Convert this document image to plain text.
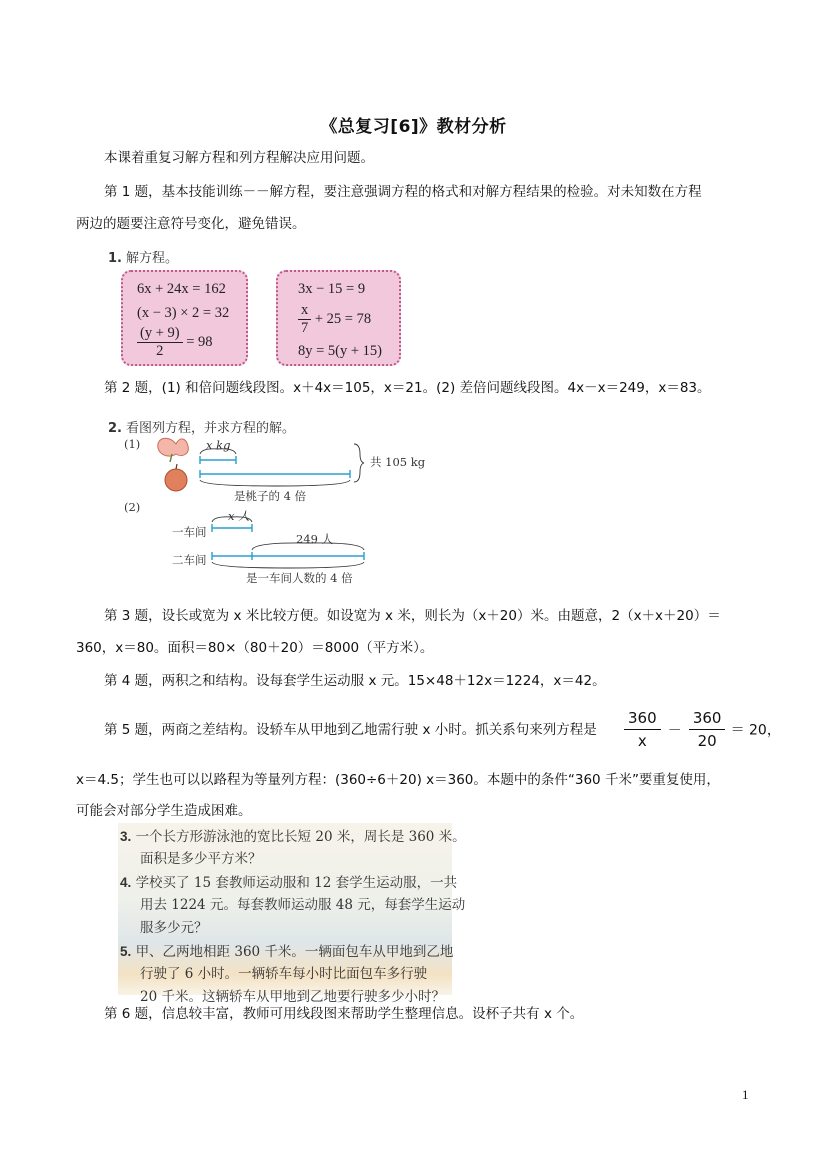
《总复习[6]》教材分析
本课着重复习解方程和列方程解决应用问题。
第 1 题，基本技能训练－－解方程，要注意强调方程的格式和对解方程结果的检验。对未知数在方程
两边的题要注意符号变化，避免错误。
1. 解方程。
6x + 24x = 162
(x − 3) × 2 = 32
$\frac{(y + 9)}{2} = 98$
3x − 15 = 9
$\frac{x}{7} + 25 = 78$
8y = 5(y + 15)
第 2 题，(1) 和倍问题线段图。x＋4x＝105，x＝21。(2) 差倍问题线段图。4x－x＝249，x＝83。
2. 看图列方程，并求方程的解。
(1)	x kg
共 105 kg
是桃子的 4 倍
(2)
x 人
一车间	249 人
二车间
是一车间人数的 4 倍
第 3 题，设长或宽为 x 米比较方便。如设宽为 x 米，则长为（x＋20）米。由题意，2（x＋x＋20）＝
360，x＝80。面积＝80×（80＋20）＝8000（平方米）。
第 4 题，两积之和结构。设每套学生运动服 x 元。15×48＋12x＝1224，x＝42。
第 5 题，两商之差结构。设轿车从甲地到乙地需行驶 x 小时。抓关系句来列方程是 $\frac{360}{x} - \frac{360}{20} = 20$，
x＝4.5；学生也可以以路程为等量列方程：(360÷6＋20) x＝360。本题中的条件“360 千米”要重复使用，
可能会对部分学生造成困难。
3. 一个长方形游泳池的宽比长短 20 米，周长是 360 米。
面积是多少平方米？
4. 学校买了 15 套教师运动服和 12 套学生运动服，一共
用去 1224 元。每套教师运动服 48 元，每套学生运动
服多少元？
5. 甲、乙两地相距 360 千米。一辆面包车从甲地到乙地
行驶了 6 小时。一辆轿车每小时比面包车多行驶
20 千米。这辆轿车从甲地到乙地要行驶多少小时？
第 6 题，信息较丰富，教师可用线段图来帮助学生整理信息。设杯子共有 x 个。
1
